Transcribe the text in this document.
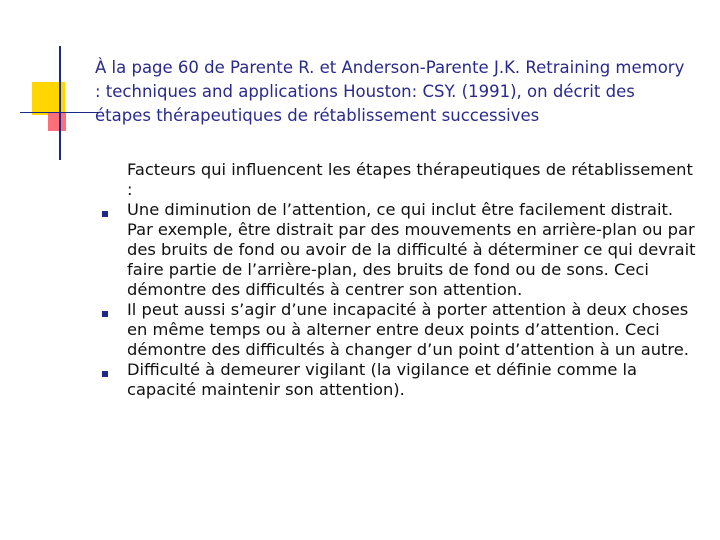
À la page 60 de Parente R. et Anderson-Parente J.K. Retraining memory : techniques and applications Houston: CSY. (1991), on décrit des étapes thérapeutiques de rétablissement successives

Facteurs qui influencent les étapes thérapeutiques de rétablissement :

Une diminution de l’attention, ce qui inclut être facilement distrait. Par exemple, être distrait par des mouvements en arrière-plan ou par des bruits de fond ou avoir de la difficulté à déterminer ce qui devrait faire partie de l’arrière-plan, des bruits de fond ou de sons. Ceci démontre des difficultés à centrer son attention.
Il peut aussi s’agir d’une incapacité à porter attention à deux choses en même temps ou à alterner entre deux points d’attention. Ceci démontre des difficultés à changer d’un point d’attention à un autre.
Difficulté à demeurer vigilant (la vigilance et définie comme la capacité maintenir son attention).
